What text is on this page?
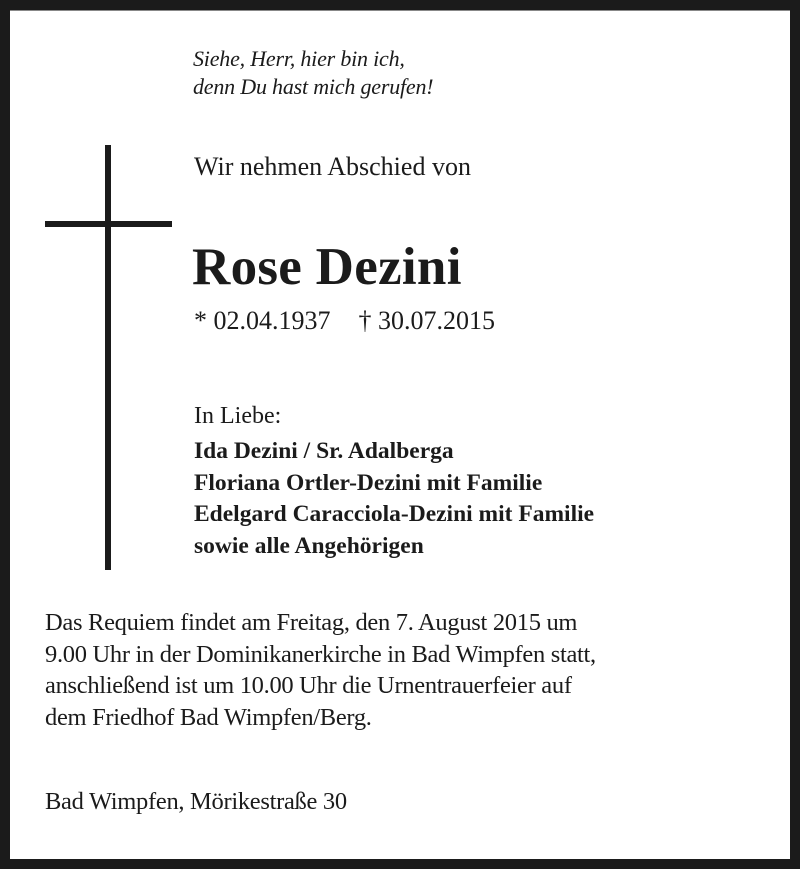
Siehe, Herr, hier bin ich,
denn Du hast mich gerufen!
Wir nehmen Abschied von
Rose Dezini
* 02.04.1937 † 30.07.2015
In Liebe:
Ida Dezini / Sr. Adalberga
Floriana Ortler-Dezini mit Familie
Edelgard Caracciola-Dezini mit Familie
sowie alle Angehörigen
Das Requiem findet am Freitag, den 7. August 2015 um
9.00 Uhr in der Dominikanerkirche in Bad Wimpfen statt,
anschließend ist um 10.00 Uhr die Urnentrauerfeier auf
dem Friedhof Bad Wimpfen/Berg.
Bad Wimpfen, Mörikestraße 30
